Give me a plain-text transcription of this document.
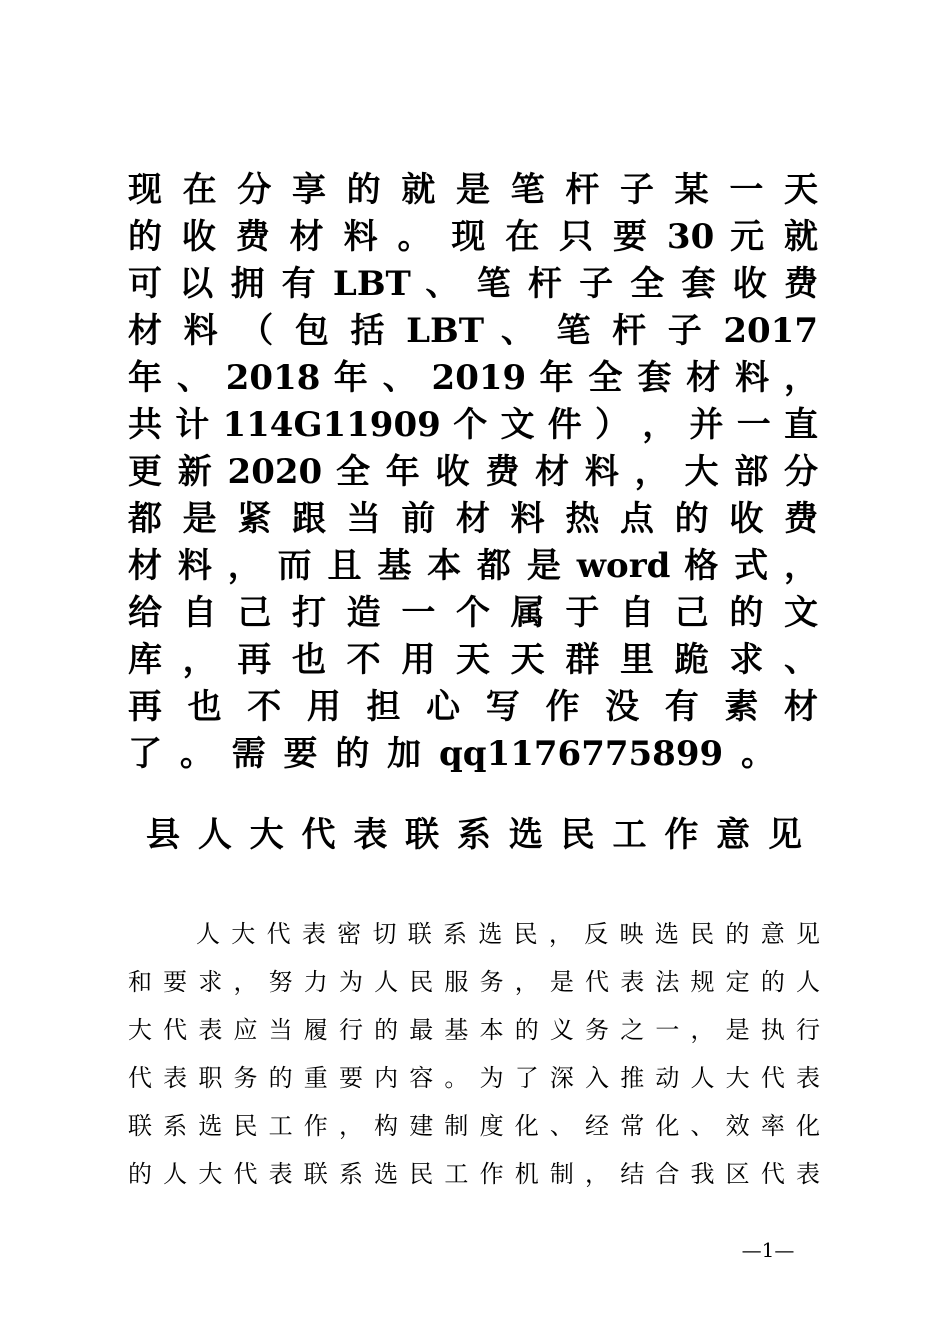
现 在 分 享 的 就 是 笔 杆 子 某 一 天
的 收 费 材 料 。 现 在 只 要 30 元 就
可 以 拥 有 LBT 、 笔 杆 子 全 套 收 费
材 料 （ 包 括 LBT 、 笔 杆 子 2017
年 、 2018 年 、 2019 年 全 套 材 料 ，
共 计 114G11909 个 文 件 ） ， 并 一 直
更 新 2020 全 年 收 费 材 料 ， 大 部 分
都 是 紧 跟 当 前 材 料 热 点 的 收 费
材 料 ， 而 且 基 本 都 是 word 格 式 ，
给 自 己 打 造 一 个 属 于 自 己 的 文
库 ， 再 也 不 用 天 天 群 里 跪 求 、
再 也 不 用 担 心 写 作 没 有 素 材
了 。 需 要 的 加 qq1176775899 。
县 人 大 代 表 联 系 选 民 工 作 意 见
人 大 代 表 密 切 联 系 选 民 ， 反 映 选 民 的 意 见
和 要 求 ， 努 力 为 人 民 服 务 ， 是 代 表 法 规 定 的 人
大 代 表 应 当 履 行 的 最 基 本 的 义 务 之 一 ， 是 执 行
代 表 职 务 的 重 要 内 容 。 为 了 深 入 推 动 人 大 代 表
联 系 选 民 工 作 ， 构 建 制 度 化 、 经 常 化 、 效 率 化
的 人 大 代 表 联 系 选 民 工 作 机 制 ， 结 合 我 区 代 表
—1—
